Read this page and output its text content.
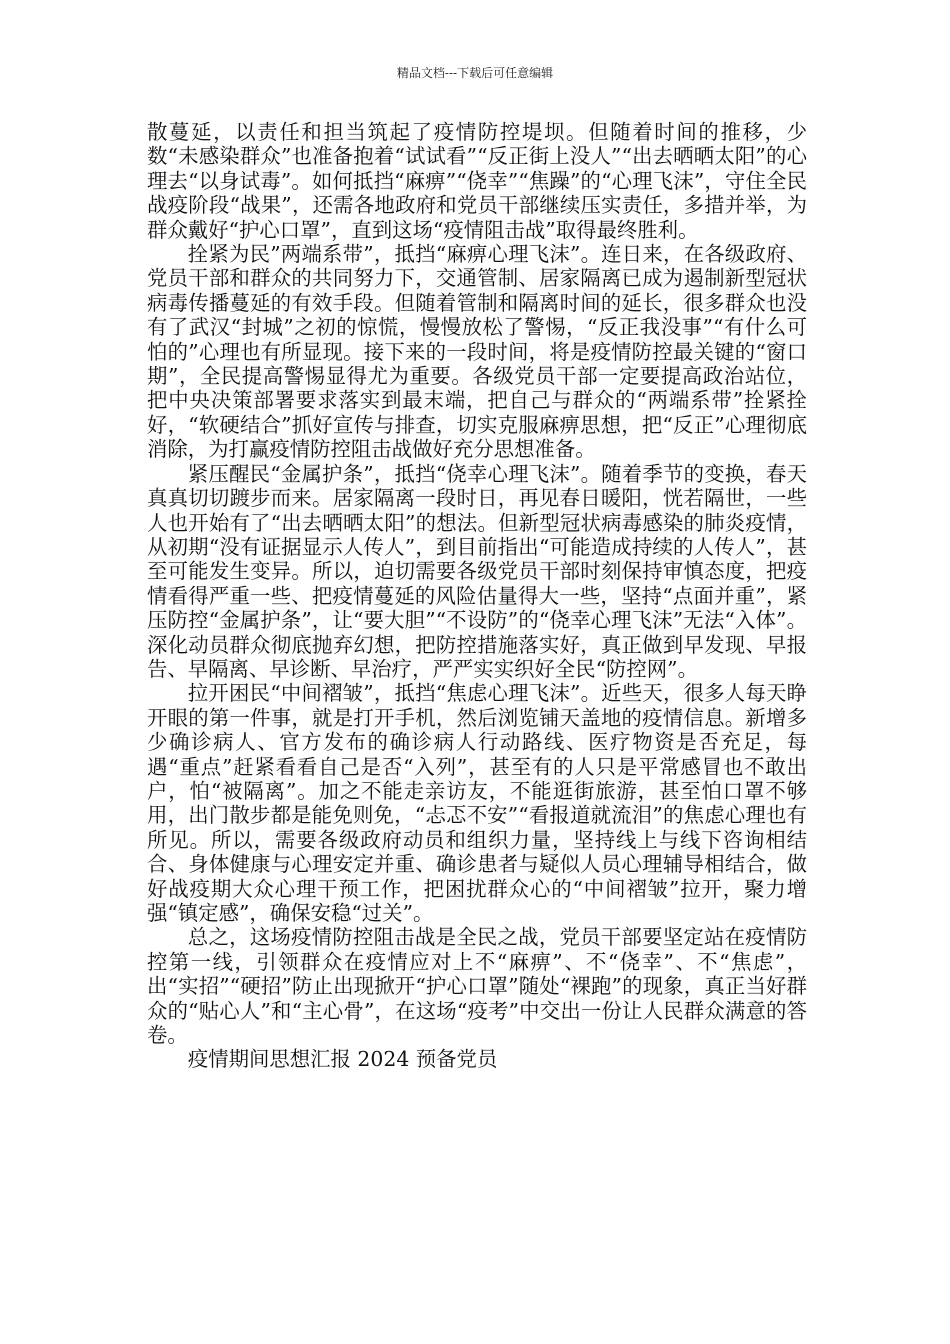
精品文档---下载后可任意编辑

散蔓延，以责任和担当筑起了疫情防控堤坝。但随着时间的推移，少数“未感染群众”也准备抱着“试试看”“反正街上没人”“出去晒晒太阳”的心理去“以身试毒”。如何抵挡“麻痹”“侥幸”“焦躁”的“心理飞沫”，守住全民战疫阶段“战果”，还需各地政府和党员干部继续压实责任，多措并举，为群众戴好“护心口罩”，直到这场“疫情阻击战”取得最终胜利。

拴紧为民”两端系带”，抵挡“麻痹心理飞沫”。连日来，在各级政府、党员干部和群众的共同努力下，交通管制、居家隔离已成为遏制新型冠状病毒传播蔓延的有效手段。但随着管制和隔离时间的延长，很多群众也没有了武汉“封城”之初的惊慌，慢慢放松了警惕，“反正我没事”“有什么可怕的”心理也有所显现。接下来的一段时间，将是疫情防控最关键的“窗口期”，全民提高警惕显得尤为重要。各级党员干部一定要提高政治站位，把中央决策部署要求落实到最末端，把自己与群众的“两端系带”拴紧拴好，“软硬结合”抓好宣传与排查，切实克服麻痹思想，把“反正”心理彻底消除，为打赢疫情防控阻击战做好充分思想准备。

紧压醒民“金属护条”，抵挡“侥幸心理飞沫”。随着季节的变换，春天真真切切踱步而来。居家隔离一段时日，再见春日暖阳，恍若隔世，一些人也开始有了“出去晒晒太阳”的想法。但新型冠状病毒感染的肺炎疫情，从初期“没有证据显示人传人”，到目前指出“可能造成持续的人传人”，甚至可能发生变异。所以，迫切需要各级党员干部时刻保持审慎态度，把疫情看得严重一些、把疫情蔓延的风险估量得大一些，坚持“点面并重”，紧压防控“金属护条”，让“要大胆”“不设防”的“侥幸心理飞沫”无法“入体”。深化动员群众彻底抛弃幻想，把防控措施落实好，真正做到早发现、早报告、早隔离、早诊断、早治疗，严严实实织好全民“防控网”。

拉开困民“中间褶皱”，抵挡“焦虑心理飞沫”。近些天，很多人每天睁开眼的第一件事，就是打开手机，然后浏览铺天盖地的疫情信息。新增多少确诊病人、官方发布的确诊病人行动路线、医疗物资是否充足，每遇“重点”赶紧看看自己是否“入列”，甚至有的人只是平常感冒也不敢出户，怕“被隔离”。加之不能走亲访友，不能逛街旅游，甚至怕口罩不够用，出门散步都是能免则免，“忐忑不安”“看报道就流泪”的焦虑心理也有所见。所以，需要各级政府动员和组织力量，坚持线上与线下咨询相结合、身体健康与心理安定并重、确诊患者与疑似人员心理辅导相结合，做好战疫期大众心理干预工作，把困扰群众心的“中间褶皱”拉开，聚力增强“镇定感”，确保安稳“过关”。

总之，这场疫情防控阻击战是全民之战，党员干部要坚定站在疫情防控第一线，引领群众在疫情应对上不“麻痹”、不“侥幸”、不“焦虑”，出“实招”“硬招”防止出现掀开“护心口罩”随处“裸跑”的现象，真正当好群众的“贴心人”和“主心骨”，在这场“疫考”中交出一份让人民群众满意的答卷。

疫情期间思想汇报 2024 预备党员
